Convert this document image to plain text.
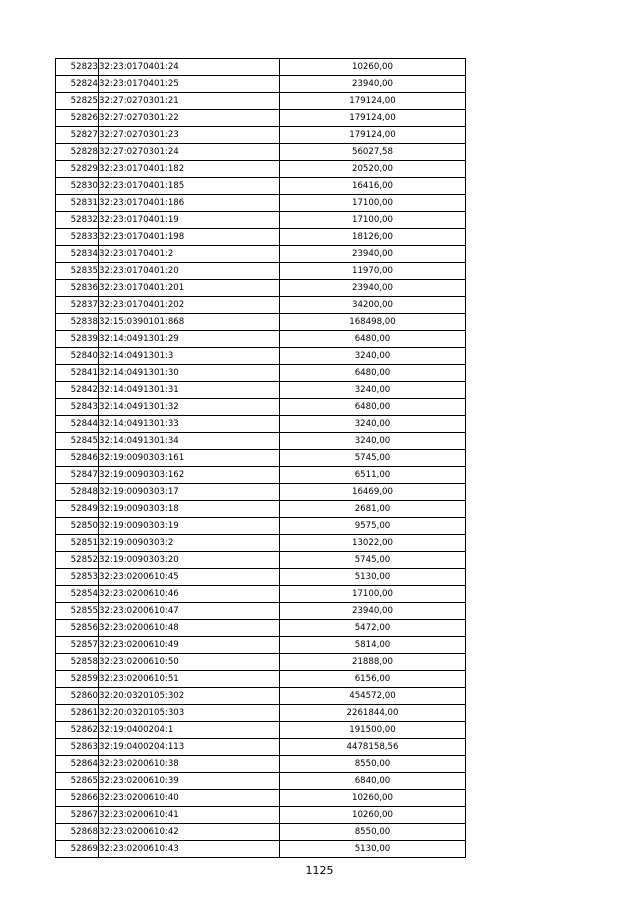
52823	32:23:0170401:24	10260,00
52824	32:23:0170401:25	23940,00
52825	32:27:0270301:21	179124,00
52826	32:27:0270301:22	179124,00
52827	32:27:0270301:23	179124,00
52828	32:27:0270301:24	56027,58
52829	32:23:0170401:182	20520,00
52830	32:23:0170401:185	16416,00
52831	32:23:0170401:186	17100,00
52832	32:23:0170401:19	17100,00
52833	32:23:0170401:198	18126,00
52834	32:23:0170401:2	23940,00
52835	32:23:0170401:20	11970,00
52836	32:23:0170401:201	23940,00
52837	32:23:0170401:202	34200,00
52838	32:15:0390101:868	168498,00
52839	32:14:0491301:29	6480,00
52840	32:14:0491301:3	3240,00
52841	32:14:0491301:30	6480,00
52842	32:14:0491301:31	3240,00
52843	32:14:0491301:32	6480,00
52844	32:14:0491301:33	3240,00
52845	32:14:0491301:34	3240,00
52846	32:19:0090303:161	5745,00
52847	32:19:0090303:162	6511,00
52848	32:19:0090303:17	16469,00
52849	32:19:0090303:18	2681,00
52850	32:19:0090303:19	9575,00
52851	32:19:0090303:2	13022,00
52852	32:19:0090303:20	5745,00
52853	32:23:0200610:45	5130,00
52854	32:23:0200610:46	17100,00
52855	32:23:0200610:47	23940,00
52856	32:23:0200610:48	5472,00
52857	32:23:0200610:49	5814,00
52858	32:23:0200610:50	21888,00
52859	32:23:0200610:51	6156,00
52860	32:20:0320105:302	454572,00
52861	32:20:0320105:303	2261844,00
52862	32:19:0400204:1	191500,00
52863	32:19:0400204:113	4478158,56
52864	32:23:0200610:38	8550,00
52865	32:23:0200610:39	6840,00
52866	32:23:0200610:40	10260,00
52867	32:23:0200610:41	10260,00
52868	32:23:0200610:42	8550,00
52869	32:23:0200610:43	5130,00
1125
